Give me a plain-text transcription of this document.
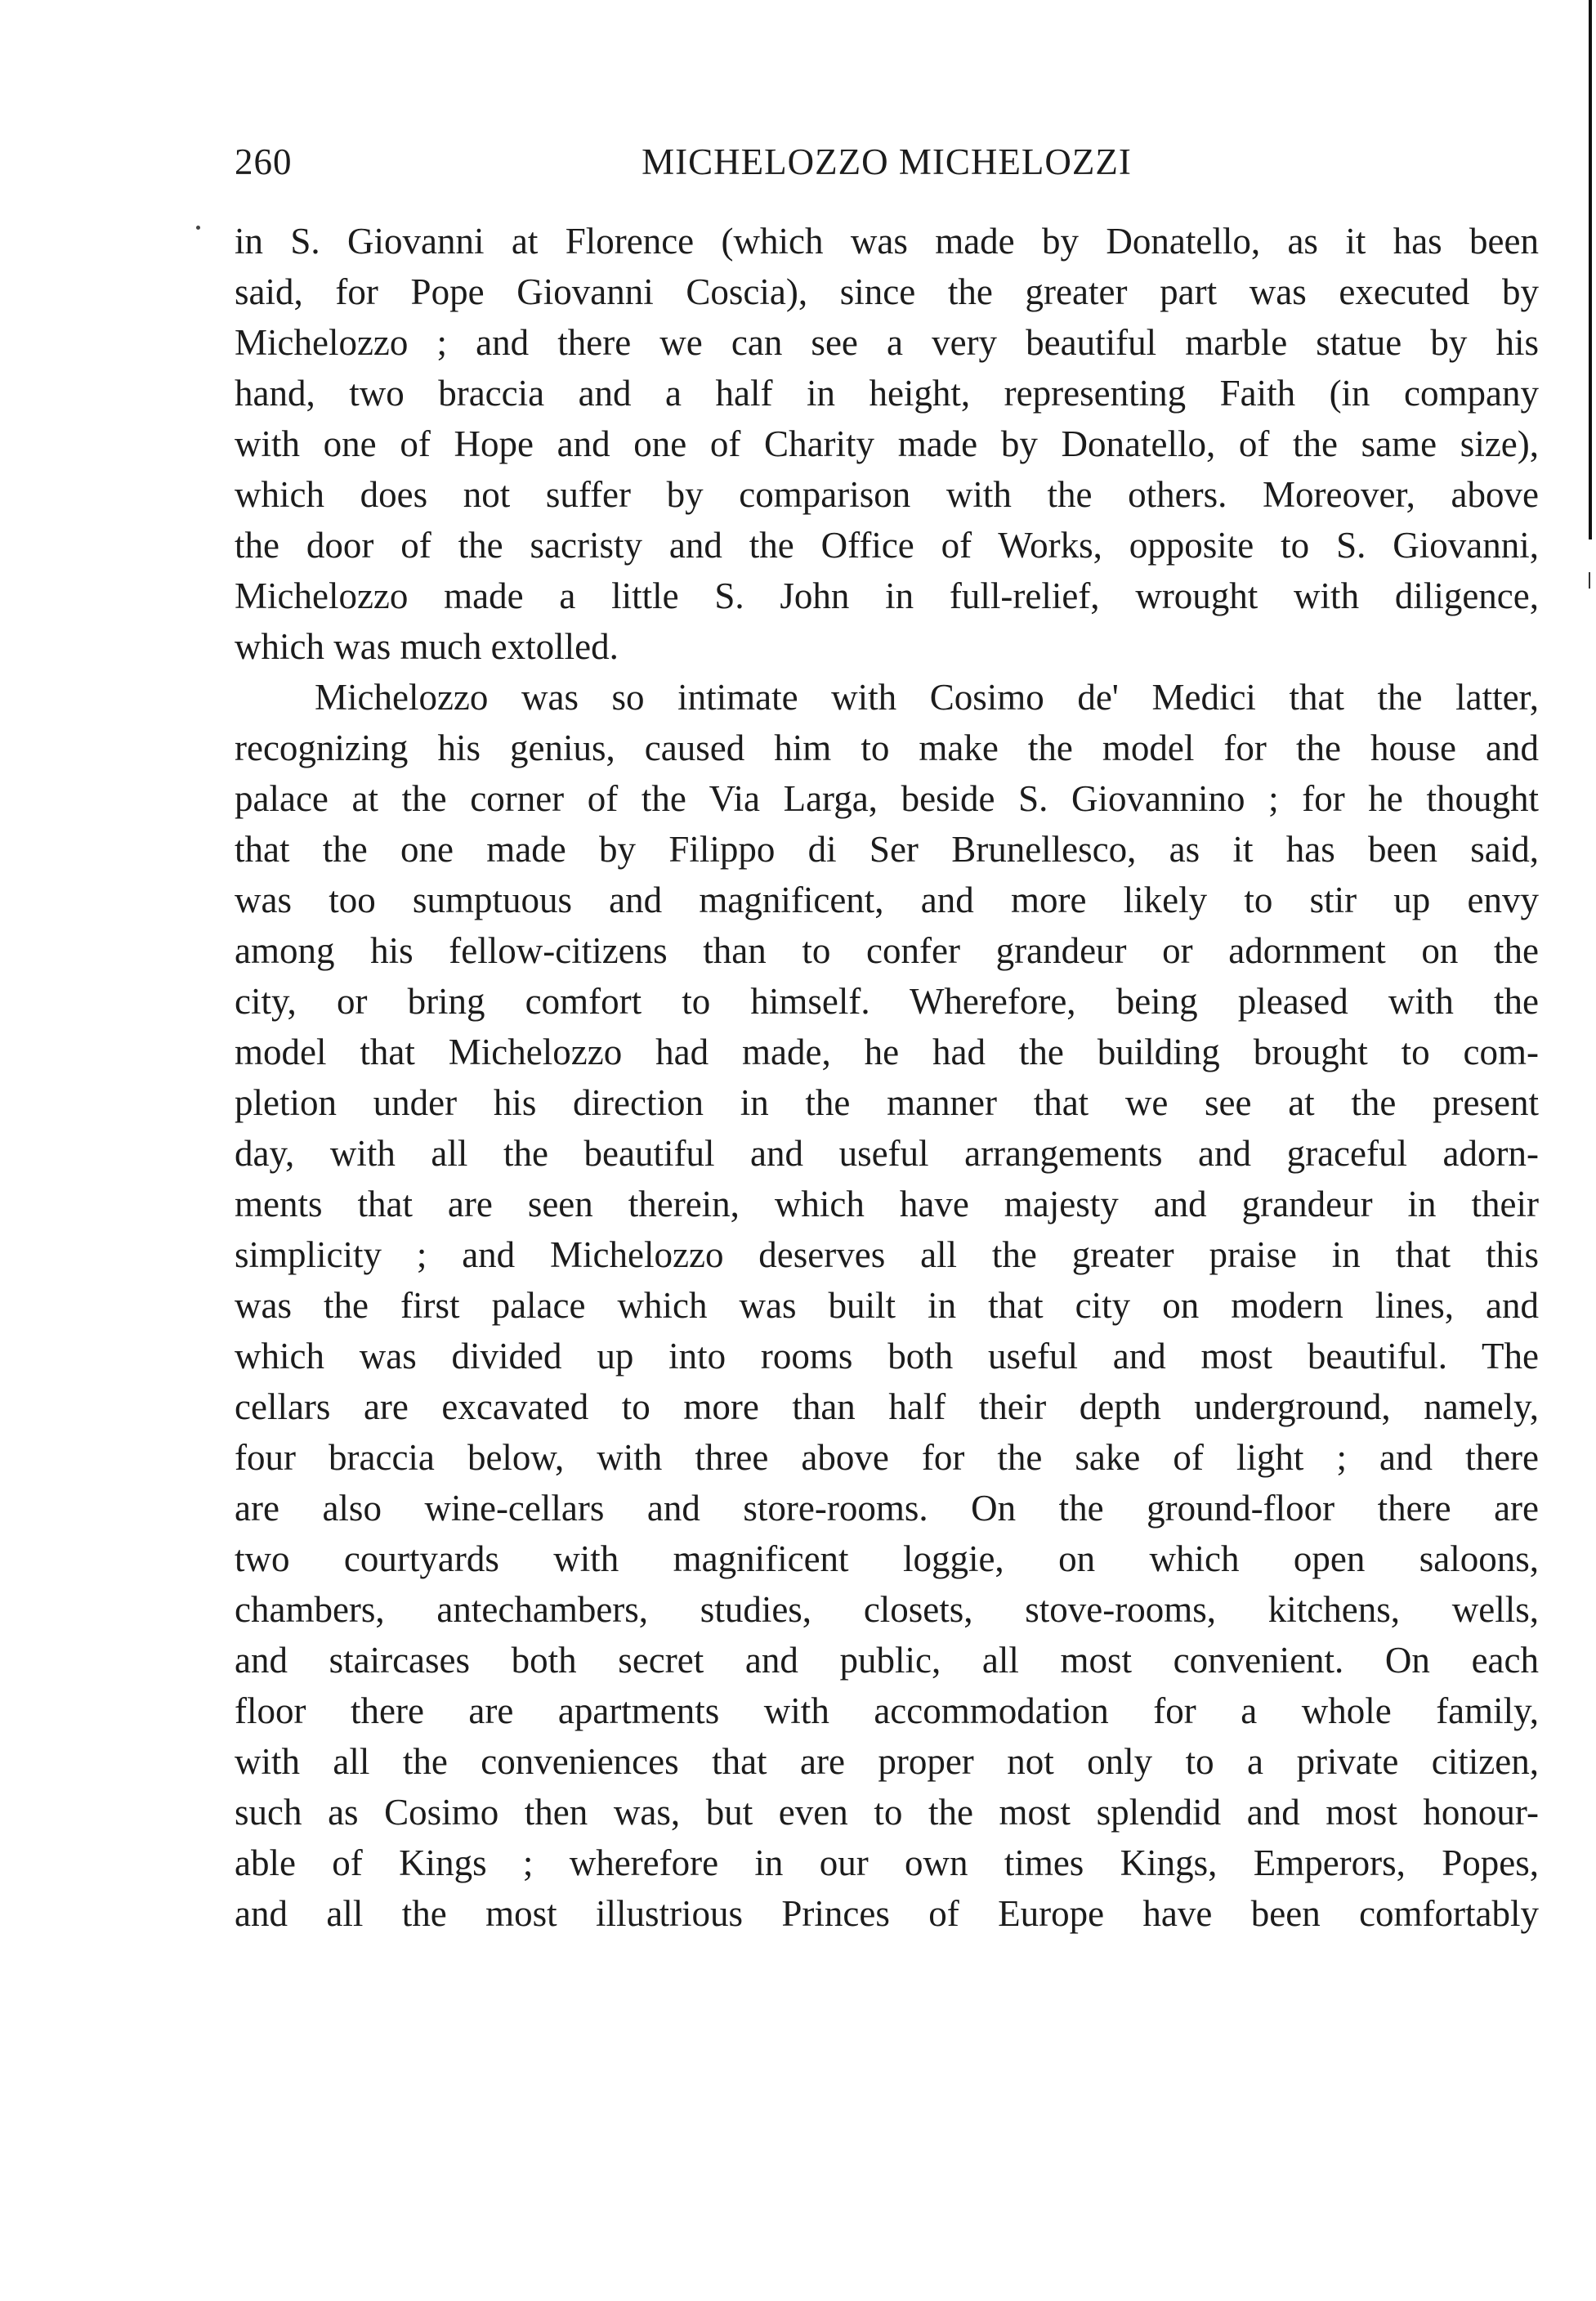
260	MICHELOZZO MICHELOZZI
in S. Giovanni at Florence (which was made by Donatello, as it has been
said, for Pope Giovanni Coscia), since the greater part was executed by
Michelozzo ; and there we can see a very beautiful marble statue by his
hand, two braccia and a half in height, representing Faith (in company
with one of Hope and one of Charity made by Donatello, of the same size),
which does not suffer by comparison with the others. Moreover, above
the door of the sacristy and the Office of Works, opposite to S. Giovanni,
Michelozzo made a little S. John in full-relief, wrought with diligence,
which was much extolled.
Michelozzo was so intimate with Cosimo de' Medici that the latter,
recognizing his genius, caused him to make the model for the house and
palace at the corner of the Via Larga, beside S. Giovannino ; for he thought
that the one made by Filippo di Ser Brunellesco, as it has been said,
was too sumptuous and magnificent, and more likely to stir up envy
among his fellow-citizens than to confer grandeur or adornment on the
city, or bring comfort to himself. Wherefore, being pleased with the
model that Michelozzo had made, he had the building brought to com-
pletion under his direction in the manner that we see at the present
day, with all the beautiful and useful arrangements and graceful adorn-
ments that are seen therein, which have majesty and grandeur in their
simplicity ; and Michelozzo deserves all the greater praise in that this
was the first palace which was built in that city on modern lines, and
which was divided up into rooms both useful and most beautiful. The
cellars are excavated to more than half their depth underground, namely,
four braccia below, with three above for the sake of light ; and there
are also wine-cellars and store-rooms. On the ground-floor there are
two courtyards with magnificent loggie, on which open saloons,
chambers, antechambers, studies, closets, stove-rooms, kitchens, wells,
and staircases both secret and public, all most convenient. On each
floor there are apartments with accommodation for a whole family,
with all the conveniences that are proper not only to a private citizen,
such as Cosimo then was, but even to the most splendid and most honour-
able of Kings ; wherefore in our own times Kings, Emperors, Popes,
and all the most illustrious Princes of Europe have been comfortably
